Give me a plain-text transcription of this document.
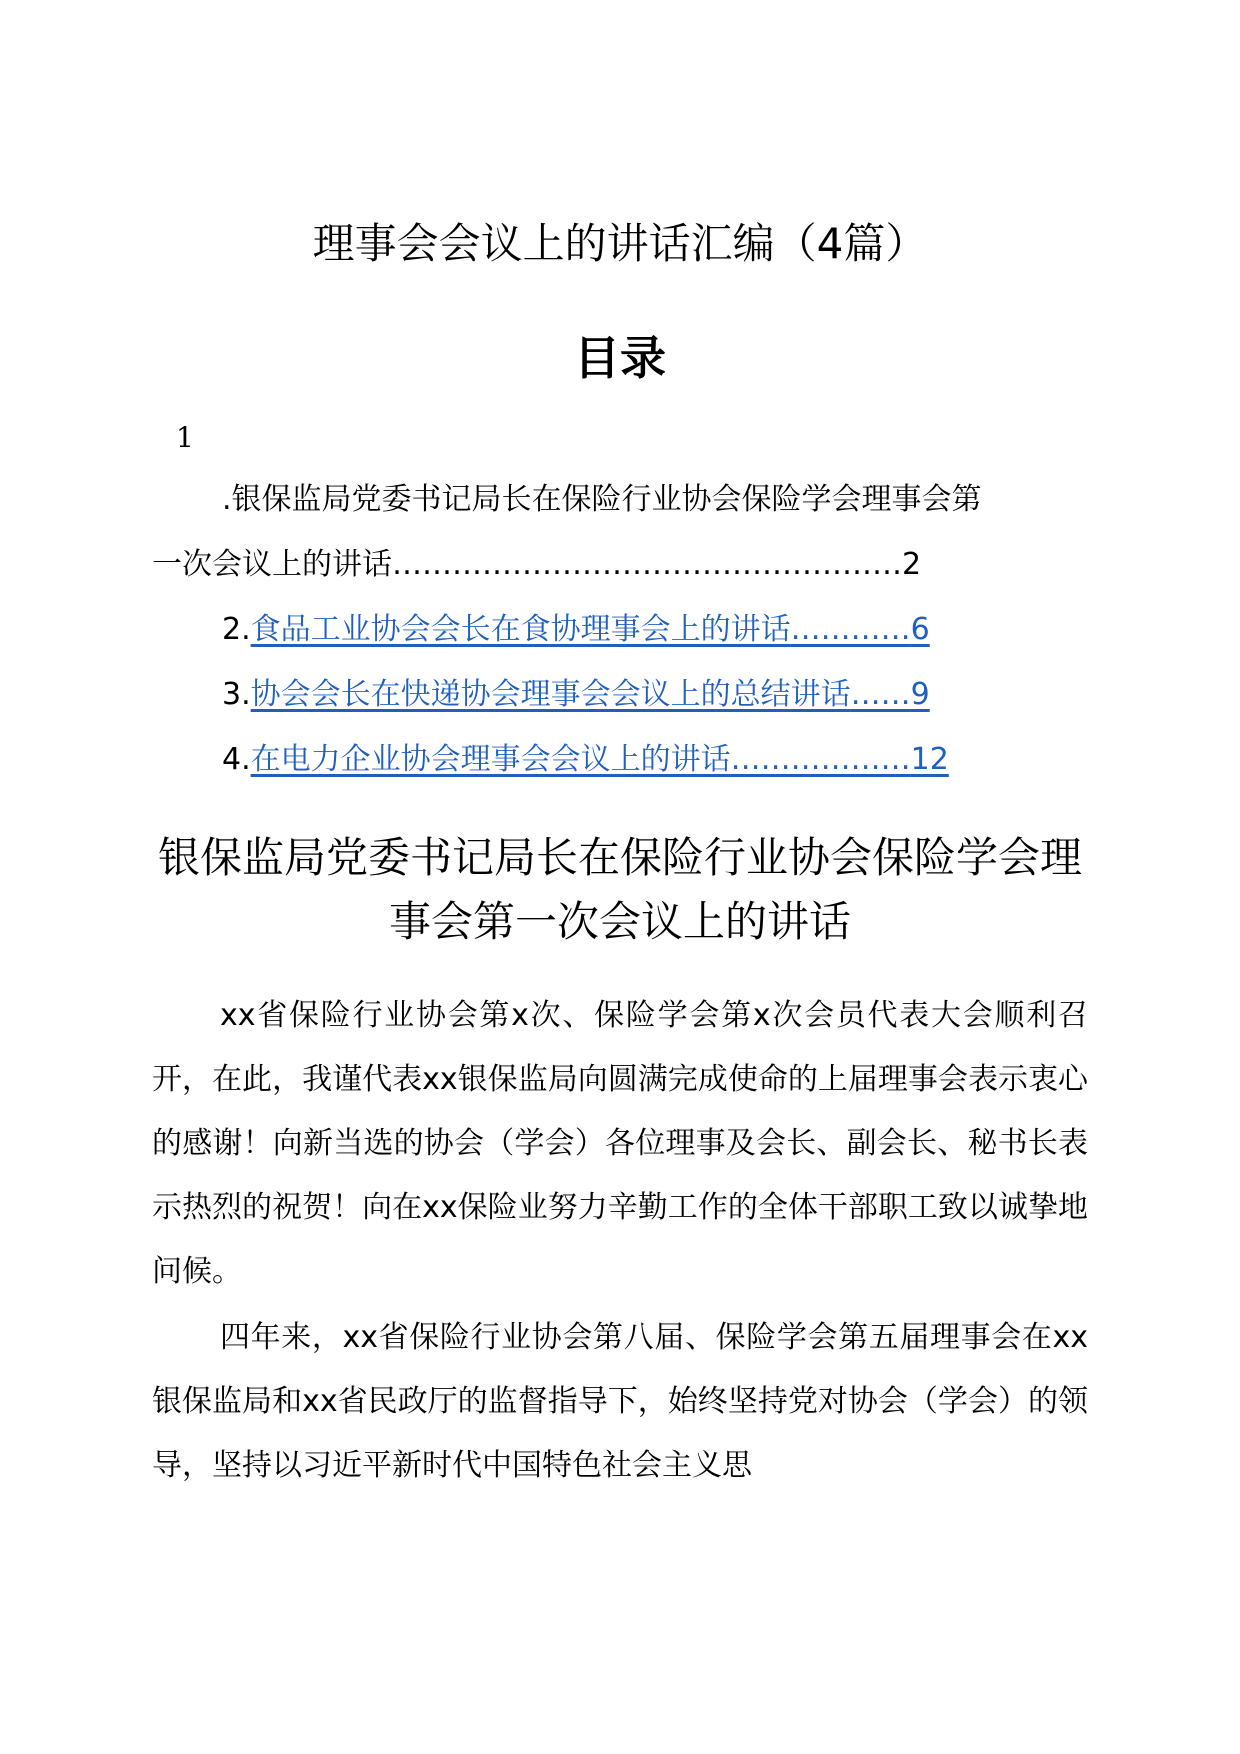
理事会会议上的讲话汇编（4篇）
目录
1
.银保监局党委书记局长在保险行业协会保险学会理事会第
一次会议上的讲话……………………………………………2
2.食品工业协会会长在食协理事会上的讲话…………6
3.协会会长在快递协会理事会会议上的总结讲话……9
4.在电力企业协会理事会会议上的讲话………………12
银保监局党委书记局长在保险行业协会保险学会理事会第一次会议上的讲话

xx省保险行业协会第x次、保险学会第x次会员代表大会顺利召开，在此，我谨代表xx银保监局向圆满完成使命的上届理事会表示衷心的感谢！向新当选的协会（学会）各位理事及会长、副会长、秘书长表示热烈的祝贺！向在xx保险业努力辛勤工作的全体干部职工致以诚挚地问候。

四年来，xx省保险行业协会第八届、保险学会第五届理事会在xx银保监局和xx省民政厅的监督指导下，始终坚持党对协会（学会）的领导，坚持以习近平新时代中国特色社会主义思
